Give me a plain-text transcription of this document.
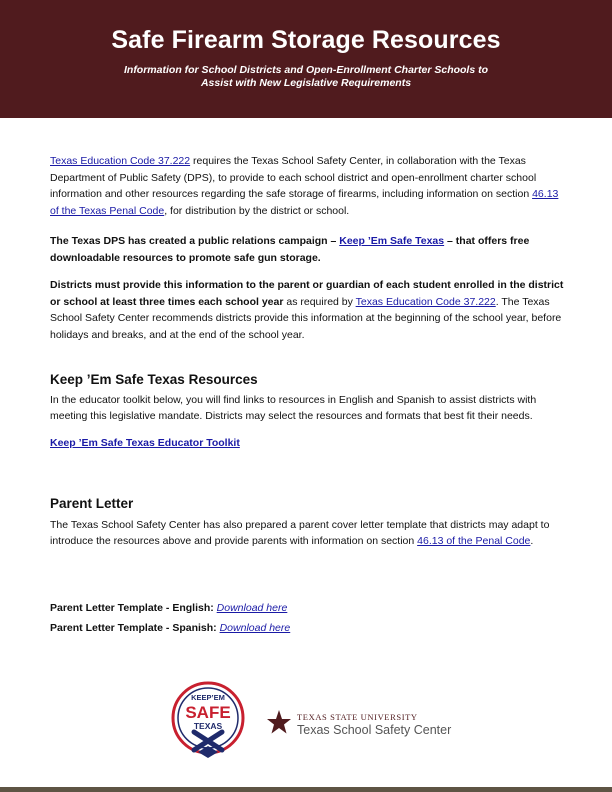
Safe Firearm Storage Resources
Information for School Districts and Open-Enrollment Charter Schools to
Assist with New Legislative Requirements

Texas Education Code 37.222 requires the Texas School Safety Center, in collaboration with the Texas Department of Public Safety (DPS), to provide to each school district and open-enrollment charter school information and other resources regarding the safe storage of firearms, including information on section 46.13 of the Texas Penal Code, for distribution by the district or school.

The Texas DPS has created a public relations campaign – Keep ’Em Safe Texas – that offers free downloadable resources to promote safe gun storage.

Districts must provide this information to the parent or guardian of each student enrolled in the district or school at least three times each school year as required by Texas Education Code 37.222. The Texas School Safety Center recommends districts provide this information at the beginning of the school year, before holidays and breaks, and at the end of the school year.

Keep ’Em Safe Texas Resources

In the educator toolkit below, you will find links to resources in English and Spanish to assist districts with meeting this legislative mandate. Districts may select the resources and formats that best fit their needs.

Keep ’Em Safe Texas Educator Toolkit

Parent Letter

The Texas School Safety Center has also prepared a parent cover letter template that districts may adapt to introduce the resources above and provide parents with information on section 46.13 of the Penal Code.

Parent Letter Template - English: Download here
Parent Letter Template - Spanish: Download here
KEEP’EM
SAFE
TEXAS
TEXAS STATE UNIVERSITY
Texas School Safety Center
